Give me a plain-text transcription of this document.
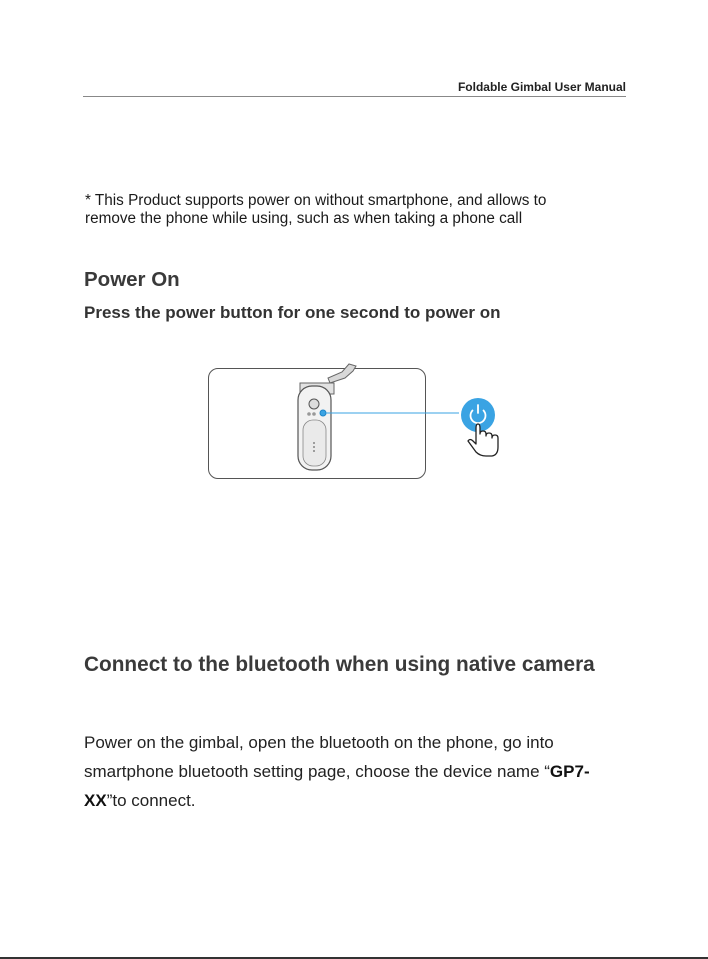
Foldable Gimbal User Manual
* This Product supports power on without smartphone, and allows to remove the phone while using, such as when taking a phone call
Power On
Press the power button for one second to power on
Connect to the bluetooth when using native camera
Power on the gimbal, open the bluetooth on the phone, go into smartphone bluetooth setting page, choose the device name “GP7-XX”to connect.
